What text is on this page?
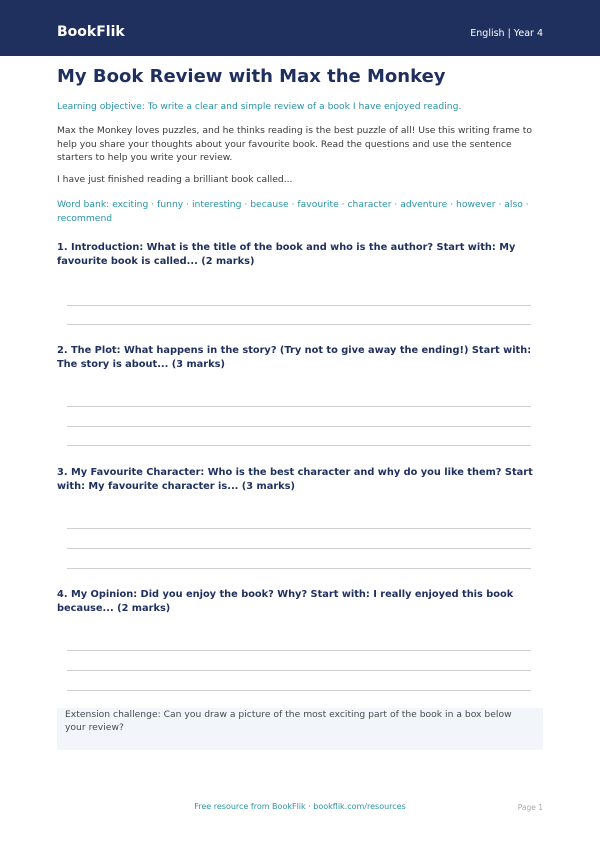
BookFlik	English | Year 4
My Book Review with Max the Monkey
Learning objective: To write a clear and simple review of a book I have enjoyed reading.
Max the Monkey loves puzzles, and he thinks reading is the best puzzle of all! Use this writing frame to help you share your thoughts about your favourite book. Read the questions and use the sentence starters to help you write your review.
I have just finished reading a brilliant book called...
Word bank: exciting · funny · interesting · because · favourite · character · adventure · however · also · recommend
1. Introduction: What is the title of the book and who is the author? Start with: My favourite book is called... (2 marks)
2. The Plot: What happens in the story? (Try not to give away the ending!) Start with: The story is about... (3 marks)
3. My Favourite Character: Who is the best character and why do you like them? Start with: My favourite character is... (3 marks)
4. My Opinion: Did you enjoy the book? Why? Start with: I really enjoyed this book because... (2 marks)
Extension challenge: Can you draw a picture of the most exciting part of the book in a box below your review?
Free resource from BookFlik · bookflik.com/resources	Page 1
